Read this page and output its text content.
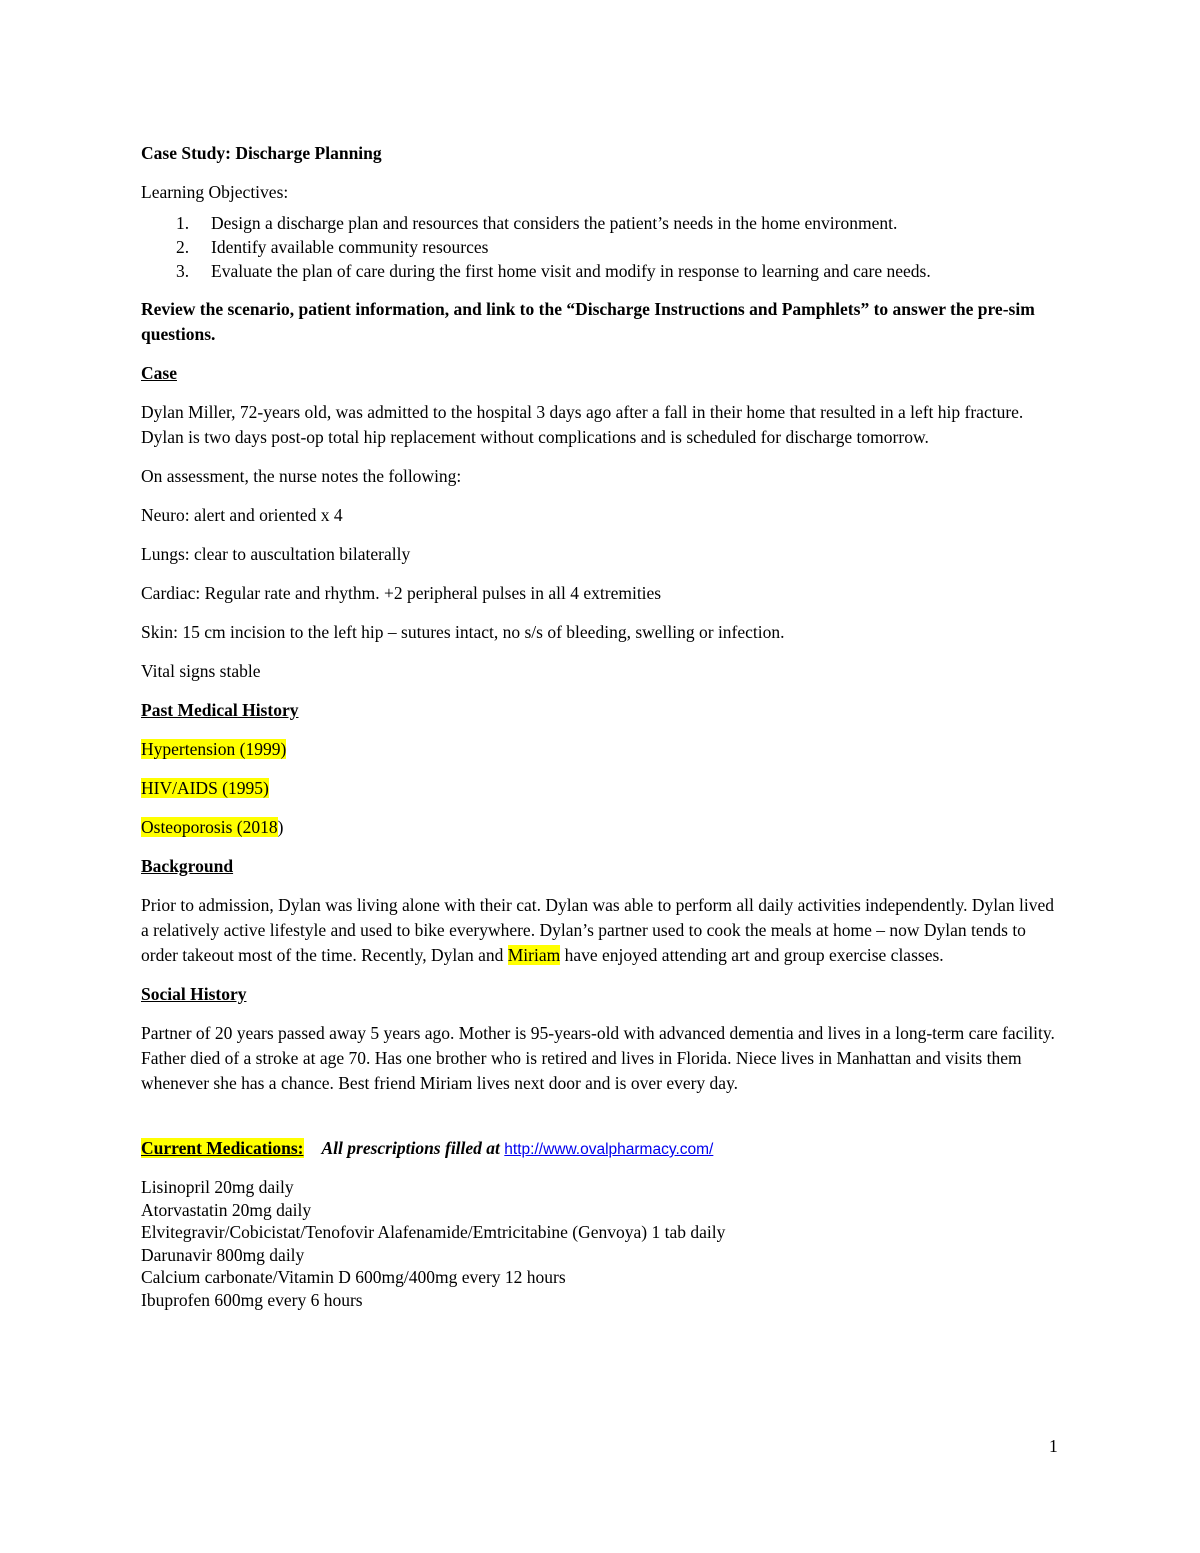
Case Study: Discharge Planning

Learning Objectives:

1. Design a discharge plan and resources that considers the patient’s needs in the home environment.
2. Identify available community resources
3. Evaluate the plan of care during the first home visit and modify in response to learning and care needs.

Review the scenario, patient information, and link to the “Discharge Instructions and Pamphlets” to answer the pre-sim questions.

Case

Dylan Miller, 72-years old, was admitted to the hospital 3 days ago after a fall in their home that resulted in a left hip fracture. Dylan is two days post-op total hip replacement without complications and is scheduled for discharge tomorrow.

On assessment, the nurse notes the following:

Neuro: alert and oriented x 4

Lungs: clear to auscultation bilaterally

Cardiac: Regular rate and rhythm. +2 peripheral pulses in all 4 extremities

Skin: 15 cm incision to the left hip – sutures intact, no s/s of bleeding, swelling or infection.

Vital signs stable

Past Medical History

Hypertension (1999)

HIV/AIDS (1995)

Osteoporosis (2018)

Background

Prior to admission, Dylan was living alone with their cat. Dylan was able to perform all daily activities independently. Dylan lived a relatively active lifestyle and used to bike everywhere. Dylan’s partner used to cook the meals at home – now Dylan tends to order takeout most of the time. Recently, Dylan and Miriam have enjoyed attending art and group exercise classes.

Social History

Partner of 20 years passed away 5 years ago. Mother is 95-years-old with advanced dementia and lives in a long-term care facility. Father died of a stroke at age 70. Has one brother who is retired and lives in Florida. Niece lives in Manhattan and visits them whenever she has a chance. Best friend Miriam lives next door and is over every day.

Current Medications: All prescriptions filled at http://www.ovalpharmacy.com/

Lisinopril 20mg daily

Atorvastatin 20mg daily

Elvitegravir/Cobicistat/Tenofovir Alafenamide/Emtricitabine (Genvoya) 1 tab daily

Darunavir 800mg daily

Calcium carbonate/Vitamin D 600mg/400mg every 12 hours

Ibuprofen 600mg every 6 hours

1
